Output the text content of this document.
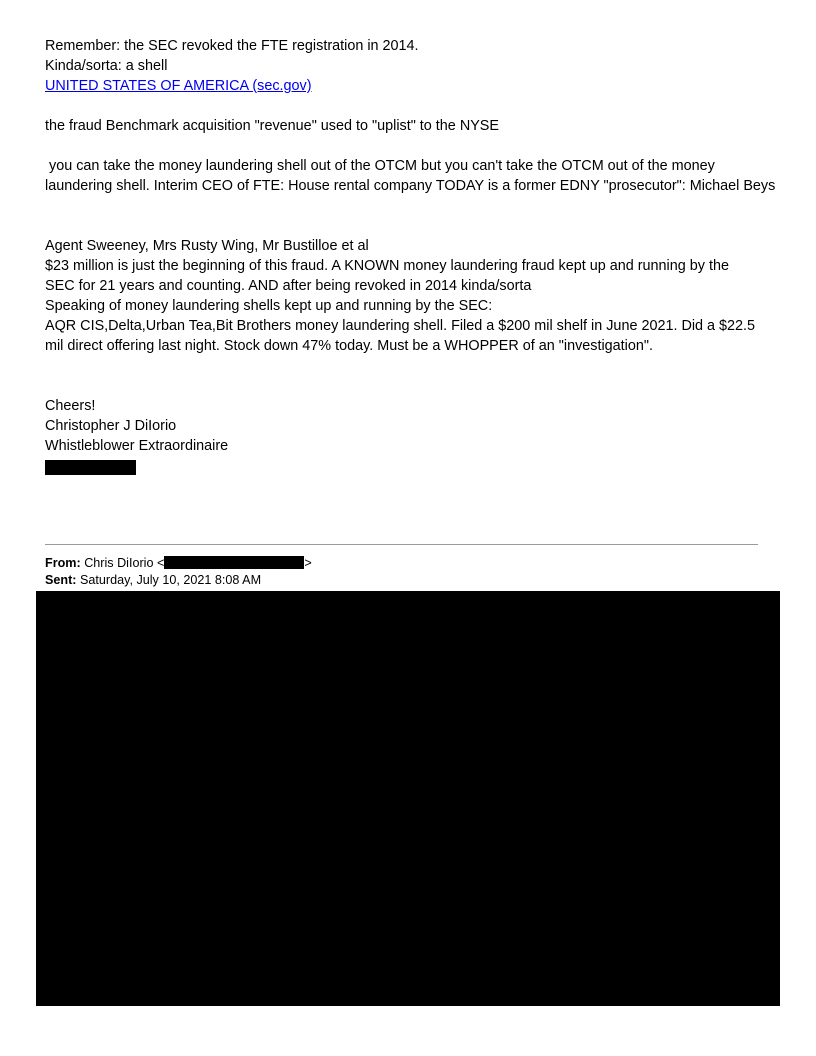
Remember: the SEC revoked the FTE registration in 2014.
Kinda/sorta: a shell
UNITED STATES OF AMERICA (sec.gov)
the fraud Benchmark acquisition "revenue" used to "uplist" to the NYSE
you can take the money laundering shell out of the OTCM but you can't take the OTCM out of the money
laundering shell. Interim CEO of FTE: House rental company TODAY is a former EDNY "prosecutor": Michael Beys
Agent Sweeney, Mrs Rusty Wing, Mr Bustilloe et al
$23 million is just the beginning of this fraud. A KNOWN money laundering fraud kept up and running by the
SEC for 21 years and counting. AND after being revoked in 2014 kinda/sorta
Speaking of money laundering shells kept up and running by the SEC:
AQR CIS,Delta,Urban Tea,Bit Brothers money laundering shell. Filed a $200 mil shelf in June 2021. Did a $22.5
mil direct offering last night. Stock down 47% today. Must be a WHOPPER of an "investigation".
Cheers!
Christopher J DiIorio
Whistleblower Extraordinaire
From: Chris DiIorio <	>
Sent: Saturday, July 10, 2021 8:08 AM
